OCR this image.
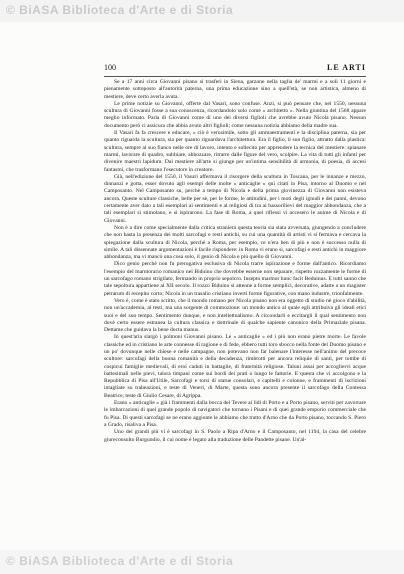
© BiASA Biblioteca d'Arte e di Storia
100	LE ARTI

Se a 17 anni circa Giovanni pisano si trasferì in Siena, garzone nella taglia de' marmi e a soli 11 giorni e pienamente sottoposto all'autorità paterna, una prima educazione sino a quell'età, se non artistica, almeno di mestiere, deve certo averla avuta.

Le prime notizie su Giovanni, offerte dal Vasari, sono confuse. Anzi, si può pensare che, nel 1550, nessuna scultura di Giovanni fosse a sua conoscenza, ricordandolo solo come « architetto ». Nella giuntina del 1568 appare meglio informato. Parla di Giovanni come di uno dei diversi figlioli che avrebbe avuto Nicola pisano. Nessun documento però ci assicura che abbia avuto altri figlioli; come nessuna notizia abbiamo della madre sua.

Il Vasari fa fa crescere e educare, « ciò è verosimile, sotto gli ammaestramenti e la disciplina paterna, sia per quanto riguarda la scultura, sia per quanto riguardava l'architettura. Era il figlio, il suo figlio, attratto dalla plastica: scultura, sempre al suo fianco nelle ore di lavoro, intento e sollecito per apprendere la tecnica del mestiere: spianare marmi, lavorare di quadro, subbiare, abbozzare, ritrarre dalle figure del vero, scolpire. La vita di tutti gli infanti per divenire maestri lapidum. Dal mestiere all'arte si giunge per un'intima sensibilità di armonia, di poesia, di accesi fantasmi, che trasformano l'esecutore in creatore.

Già, nell'edizione del 1550, il Vasari affermava il risorgere della scultura in Toscana, per le innanze e mezzo, dinnanzi e gotta, esser dovuto agli esempi delle molte « anticaglie » qui citati in Pisa, intorno al Duomo e nel Camposanto. Nel Camposanto su, perchè a tempo di Nicola e della prima giovinezza di Giovanni non esisteva ancora. Queste sculture classiche, belle per sè, per le forme, le attitudini, per i moti degli ignudi e dei panni, devono certamente aver dato a tali esemplari ai sentimenti e al religiosi di tra ai bassorilievi del maggior abbondanza, che a tali esemplari sì stimolano, e sì ispirarono. La fase di Roma, a quei riflessi vi accesero le anime di Nicola e di Giovanni.

Non è a dire come specialmente dalla critica straniera questa teoria sia stata avversata, giungendo a concludere che non basta la presenza dei molti sarcofagi e resti antichi, su cui una quantità di artisti vi si fermava e cercava la spiegazione dalla scultura di Nicola, perchè a Roma, per esempio, ce n'era ben di più e non è successo nulla di simile. A tali dissennate argomentazioni è facile rispondere: in Roma vi erano sì, sarcofagi e resti antichi in maggiore abbondanza, ma vi mancò una cosa solo, il genio di Nicola e più quello di Giovanni.

Dico genio perchè non fu prerogativa esclusiva di Nicola trarre ispirazione e forme dall'antico. Ricordiamo l'esempio del marmorario romanico nel Biduino che dovrebbe esserne non separare, rispetto rozzamente le forme di un sarcofago romano strigilato, fermando in proprio sepolcro. Insepto marmor hunc facit Beduinus. E tutti sanno che tale sepoltura appartiene al XII secolo. Il rozzo Biduino si attenne a forme semplici, decorative, adatte a un magister petrarum di recepito corto; Nicola in un trasalio cristiano invertì forme figurative, con mano industre, trionfalmente.

Vero è, come è stato scritto, che il mondo romano per Nicola pisano non era oggetto di studio nè gioco d'abilità, non un'accademia, ai testi, ma una sorgente di commozione: un mondo antico al quale egli attribuiva gli ideali etici suoi e del suo tempo. Sentimento dunque, e non intellettualismo. A circondarli e eccitargli il qual sentimento non dovè certo essere estranea la cultura classica e dottrinale di qualche sapiente canonico della Primaziale pisana. Dettame che guidava la bene docta manus.

In quest'aria slargò i polmoni Giovanni pisano. Le « anticaglie » ed i più non erano pietre morte. Le favole classiche ed in cristiano le arte connesse di ragione e di fede, ebbero tutti toro sbocco nella fonte del Duomo pisano e un po' dovunque nelle chiese e nelle campagne, non potevano non far balenare l'interesse nell'animo del precoce scultore: sarcofagi della buona romanità e della decadenza, rimbrotti per ancora reliquie di santi, per tombe di cospicui famiglie medievali, di eroi caduti in battaglie, di fraternità religiose. Taluni assai per accogliervi acque battesimali nelle pievi, talora timpani come sui bordi dei prati o lungo le fattorie. E questa che vi accolgono e la Repubblica di Pisa all'Utile, Sarcofagi e torsi di statue consolari, e capitelli e colonne, e frammenti di iscrizioni intagliate su trabeazioni, e teste di Veneri, di Marte, questa sono ancora presente il sarcofago della Contessa Beatrice, teste di Giulio Cesare, di Agrippa.

Erano « anticaglie » già i frammenti dalla bocca del Tevere ai lidi di Porto e a Porto pisano, serviti per zavorrare le imbarcazioni di quel grande popolo di navigatori che tornano i Pisani e di quei grande emporio commerciale che fu Pisa. Di questi sarcofagi se ne erano aggiunte le abbiamo che tratto d'Arno che da Porto pisano, toccando S. Piero a Grado, risaliva a Pisa.

Uno dei grandi più vi è sarcofagi in S. Paolo a Ripa d'Arno e il Camposanto, nel 1194, la casa del celebre giureconsulto Burgundio, il cui nome è legato alla traduzione delle Pandette pisane. Un'al-

© BiASA Biblioteca d'Arte e di Storia
